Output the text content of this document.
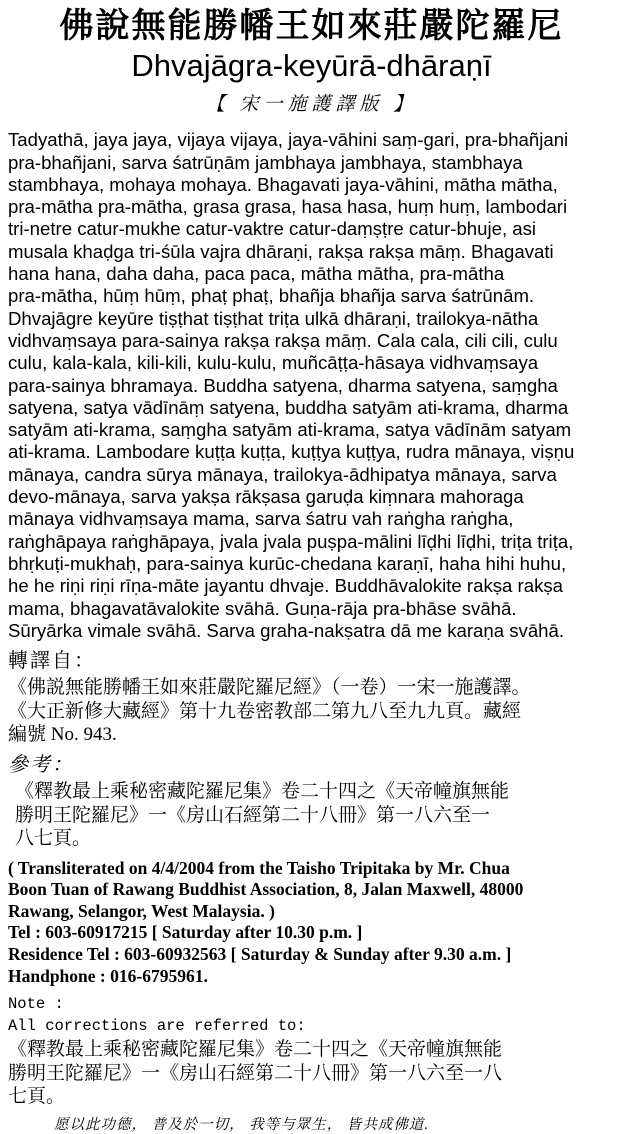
佛說無能勝幡王如來莊嚴陀羅尼
Dhvajāgra-keyūrā-dhāraṇī
【 宋一施護譯版 】
Tadyathā, jaya jaya, vijaya vijaya, jaya-vāhini saṃ-gari, pra-bhañjani
pra-bhañjani, sarva śatrūṇām jambhaya jambhaya, stambhaya
stambhaya, mohaya mohaya. Bhagavati jaya-vāhini, mātha mātha,
pra-mātha pra-mātha, grasa grasa, hasa hasa, huṃ huṃ, lambodari
tri-netre catur-mukhe catur-vaktre catur-daṃṣṭre catur-bhuje, asi
musala khaḍga tri-śūla vajra dhāraṇi, rakṣa rakṣa māṃ. Bhagavati
hana hana, daha daha, paca paca, mātha mātha, pra-mātha
pra-mātha, hūṃ hūṃ, phaṭ phaṭ, bhañja bhañja sarva śatrūnām.
Dhvajāgre keyūre tiṣṭhat tiṣṭhat triṭa ulkā dhāraṇi, trailokya-nātha
vidhvaṃsaya para-sainya rakṣa rakṣa māṃ. Cala cala, cili cili, culu
culu, kala-kala, kili-kili, kulu-kulu, muñcāṭṭa-hāsaya vidhvaṃsaya
para-sainya bhramaya. Buddha satyena, dharma satyena, saṃgha
satyena, satya vādīnāṃ satyena, buddha satyām ati-krama, dharma
satyām ati-krama, saṃgha satyām ati-krama, satya vādīnām satyam
ati-krama. Lambodare kuṭṭa kuṭṭa, kuṭṭya kuṭṭya, rudra mānaya, viṣṇu
mānaya, candra sūrya mānaya, trailokya-ādhipatya mānaya, sarva
devo-mānaya, sarva yakṣa rākṣasa garuḍa kiṃnara mahoraga
mānaya vidhvaṃsaya mama, sarva śatru vah raṅgha raṅgha,
raṅghāpaya raṅghāpaya, jvala jvala puṣpa-mālini līḍhi līḍhi, triṭa triṭa,
bhṛkuṭi-mukhaḥ, para-sainya kurūc-chedana karaṇī, haha hihi huhu,
he he riṇi riṇi rīṇa-māte jayantu dhvaje. Buddhāvalokite rakṣa rakṣa
mama, bhagavatāvalokite svāhā. Guṇa-rāja pra-bhāse svāhā.
Sūryārka vimale svāhā. Sarva graha-nakṣatra dā me karaṇa svāhā.
轉譯自：
《佛説無能勝幡王如來莊嚴陀羅尼經》（一卷）一宋一施護譯。
《大正新修大藏經》第十九卷密教部二第九八至九九頁。藏經
編號 No. 943.
參考：
《釋教最上乘秘密藏陀羅尼集》卷二十四之《天帝幢旗無能
勝明王陀羅尼》一《房山石經第二十八冊》第一八六至一
八七頁。
( Transliterated on 4/4/2004 from the Taisho Tripitaka by Mr. Chua
Boon Tuan of Rawang Buddhist Association, 8, Jalan Maxwell, 48000
Rawang, Selangor, West Malaysia. )
Tel : 603-60917215 [ Saturday after 10.30 p.m. ]
Residence Tel : 603-60932563 [ Saturday & Sunday after 9.30 a.m. ]
Handphone : 016-6795961.
Note :
All corrections are referred to:
《釋教最上乘秘密藏陀羅尼集》卷二十四之《天帝幢旗無能
勝明王陀羅尼》一《房山石經第二十八冊》第一八六至一八
七頁。
愿以此功德， 普及於一切， 我等与眾生， 皆共成佛道.
